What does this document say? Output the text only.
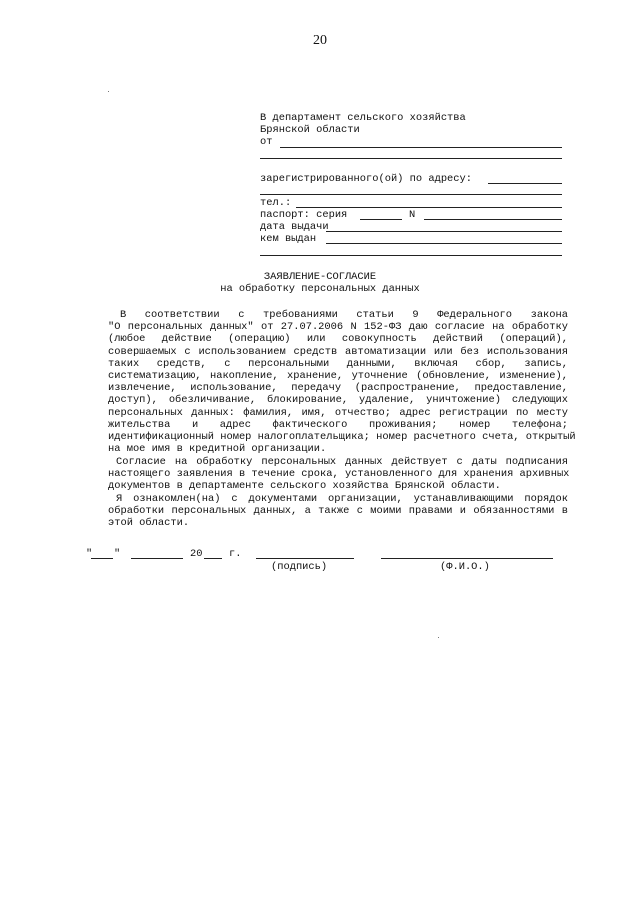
20
В департамент сельского хозяйства
Брянской области
от
зарегистрированного(ой) по адресу:
тел.:
паспорт: серия	N
дата выдачи
кем выдан
ЗАЯВЛЕНИЕ-СОГЛАСИЕ
на обработку персональных данных
В соответствии с требованиями статьи 9 Федерального закона
"О персональных данных" от 27.07.2006 N 152-ФЗ даю согласие на обработку
(любое действие (операцию) или совокупность действий (операций),
совершаемых с использованием средств автоматизации или без использования
таких средств, с персональными данными, включая сбор, запись,
систематизацию, накопление, хранение, уточнение (обновление, изменение),
извлечение, использование, передачу (распространение, предоставление,
доступ), обезличивание, блокирование, удаление, уничтожение) следующих
персональных данных: фамилия, имя, отчество; адрес регистрации по месту
жительства и адрес фактического проживания; номер телефона;
идентификационный номер налогоплательщика; номер расчетного счета, открытый
на мое имя в кредитной организации.
Согласие на обработку персональных данных действует с даты подписания
настоящего заявления в течение срока, установленного для хранения архивных
документов в департаменте сельского хозяйства Брянской области.
Я ознакомлен(на) с документами организации, устанавливающими порядок
обработки персональных данных, а также с моими правами и обязанностями в
этой области.
" "	20	г.
(подпись)	(Ф.И.О.)
